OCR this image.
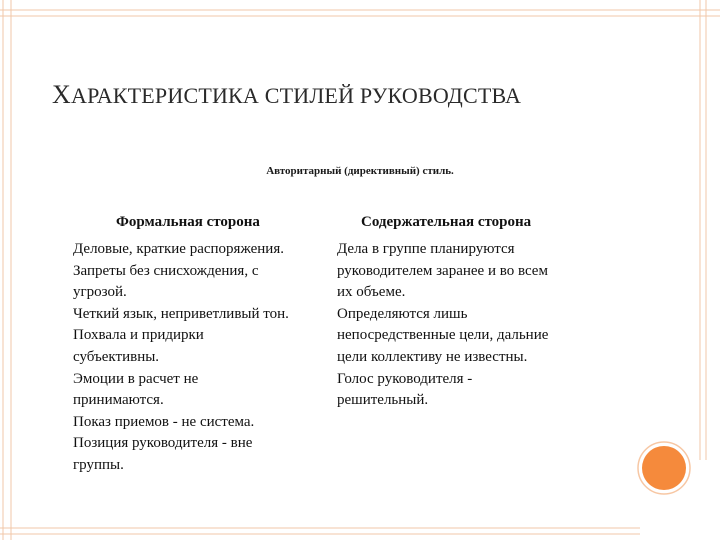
ХАРАКТЕРИСТИКА СТИЛЕЙ РУКОВОДСТВА
Авторитарный (директивный) стиль.
Формальная сторона	Содержательная сторона
Деловые, краткие распоряжения.
Запреты без снисхождения, с
угрозой.
Четкий язык, неприветливый тон.
Похвала и придирки
субъективны.
Эмоции в расчет не
принимаются.
Показ приемов - не система.
Позиция руководителя - вне
группы.
Дела в группе планируются
руководителем заранее и во всем
их объеме.
Определяются лишь
непосредственные цели, дальние
цели коллективу не известны.
Голос руководителя -
решительный.
